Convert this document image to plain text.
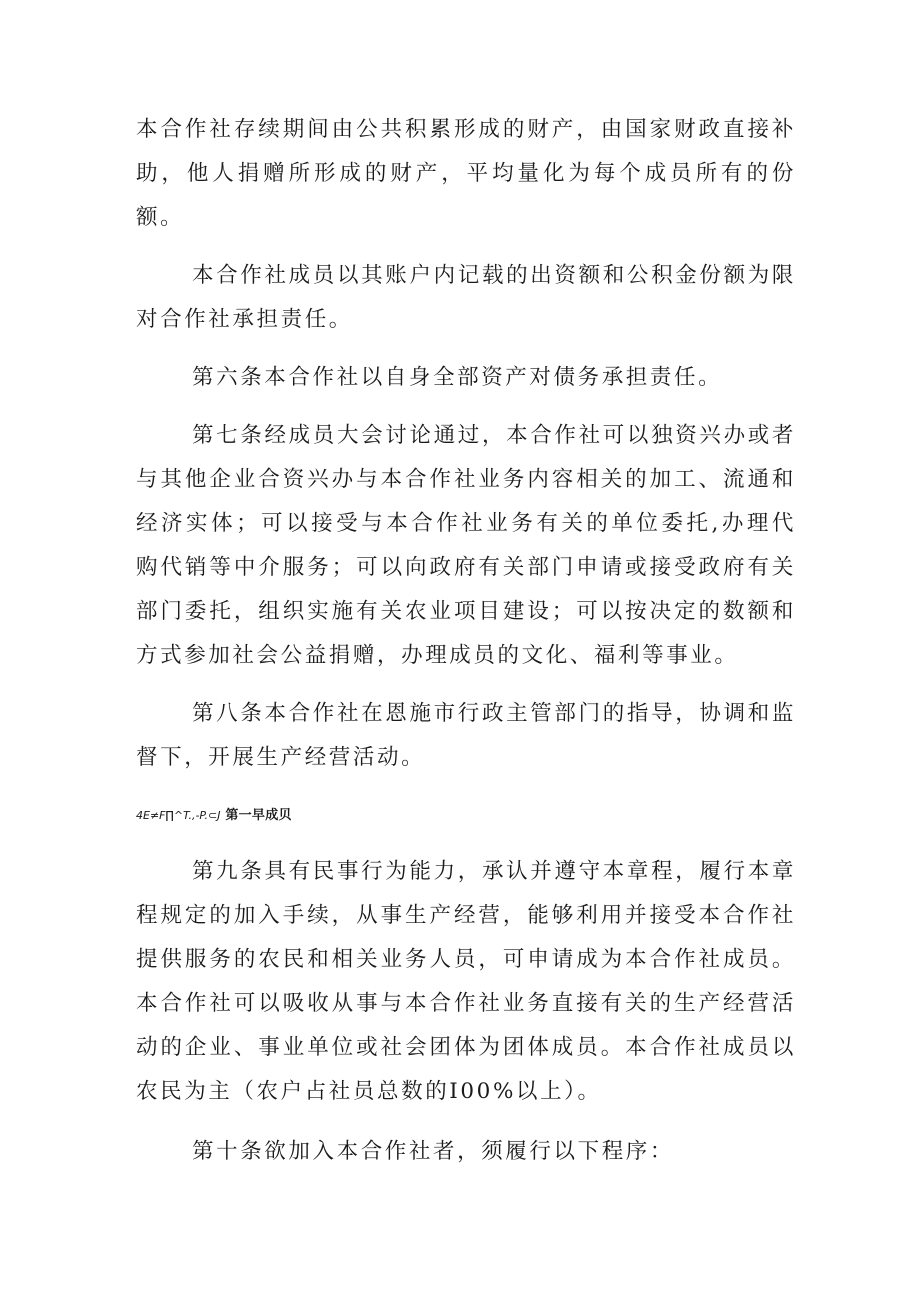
本合作社存续期间由公共积累形成的财产，由国家财政直接补助，他人捐赠所形成的财产，平均量化为每个成员所有的份额。

本合作社成员以其账户内记载的出资额和公积金份额为限对合作社承担责任。

第六条本合作社以自身全部资产对债务承担责任。

第七条经成员大会讨论通过，本合作社可以独资兴办或者与其他企业合资兴办与本合作社业务内容相关的加工、流通和经济实体；可以接受与本合作社业务有关的单位委托,办理代购代销等中介服务；可以向政府有关部门申请或接受政府有关部门委托，组织实施有关农业项目建设；可以按决定的数额和方式参加社会公益捐赠，办理成员的文化、福利等事业。

第八条本合作社在恩施市行政主管部门的指导，协调和监督下，开展生产经营活动。

4E≠F∏^T.,-P.⊂J 第一早成贝

第九条具有民事行为能力，承认并遵守本章程，履行本章程规定的加入手续，从事生产经营，能够利用并接受本合作社提供服务的农民和相关业务人员，可申请成为本合作社成员。本合作社可以吸收从事与本合作社业务直接有关的生产经营活动的企业、事业单位或社会团体为团体成员。本合作社成员以农民为主（农户占社员总数的I00%以上）。

第十条欲加入本合作社者，须履行以下程序：
